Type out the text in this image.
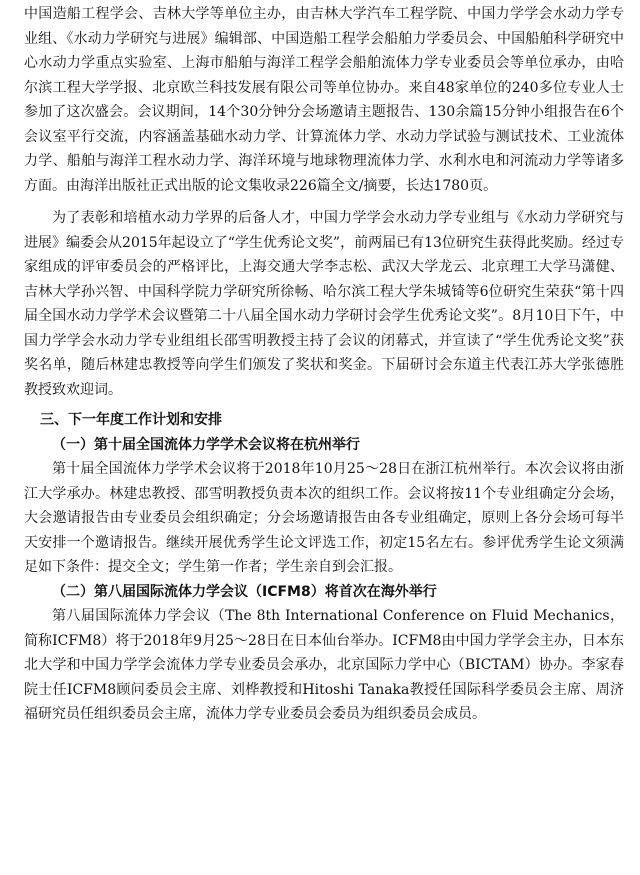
中国造船工程学会、吉林大学等单位主办，由吉林大学汽车工程学院、中国力学学会水动力学专业组、《水动力学研究与进展》编辑部、中国造船工程学会船舶力学委员会、中国船舶科学研究中心水动力学重点实验室、上海市船舶与海洋工程学会船舶流体力学专业委员会等单位承办，由哈尔滨工程大学学报、北京欧兰科技发展有限公司等单位协办。来自48家单位的240多位专业人士参加了这次盛会。会议期间，14个30分钟分会场邀请主题报告、130余篇15分钟小组报告在6个会议室平行交流，内容涵盖基础水动力学、计算流体力学、水动力学试验与测试技术、工业流体力学、船舶与海洋工程水动力学、海洋环境与地球物理流体力学、水利水电和河流动力学等诸多方面。由海洋出版社正式出版的论文集收录226篇全文/摘要，长达1780页。

为了表彰和培植水动力学界的后备人才，中国力学学会水动力学专业组与《水动力学研究与进展》编委会从2015年起设立了“学生优秀论文奖”，前两届已有13位研究生获得此奖励。经过专家组成的评审委员会的严格评比，上海交通大学李志松、武汉大学龙云、北京理工大学马潇健、吉林大学孙兴智、中国科学院力学研究所徐畅、哈尔滨工程大学朱城锜等6位研究生荣获“第十四届全国水动力学学术会议暨第二十八届全国水动力学研讨会学生优秀论文奖”。8月10日下午，中国力学学会水动力学专业组组长邵雪明教授主持了会议的闭幕式，并宣读了“学生优秀论文奖”获奖名单，随后林建忠教授等向学生们颁发了奖状和奖金。下届研讨会东道主代表江苏大学张德胜教授致欢迎词。

三、下一年度工作计划和安排
（一）第十届全国流体力学学术会议将在杭州举行

第十届全国流体力学学术会议将于2018年10月25～28日在浙江杭州举行。本次会议将由浙江大学承办。林建忠教授、邵雪明教授负责本次的组织工作。会议将按11个专业组确定分会场，大会邀请报告由专业委员会组织确定；分会场邀请报告由各专业组确定，原则上各分会场可每半天安排一个邀请报告。继续开展优秀学生论文评选工作，初定15名左右。参评优秀学生论文须满足如下条件：提交全文；学生第一作者；学生亲自到会汇报。

（二）第八届国际流体力学会议（ICFM8）将首次在海外举行

第八届国际流体力学会议（The 8th International Conference on Fluid Mechanics，简称ICFM8）将于2018年9月25～28日在日本仙台举办。ICFM8由中国力学学会主办，日本东北大学和中国力学学会流体力学专业委员会承办，北京国际力学中心（BICTAM）协办。李家春院士任ICFM8顾问委员会主席、刘桦教授和Hitoshi Tanaka教授任国际科学委员会主席、周济福研究员任组织委员会主席，流体力学专业委员会委员为组织委员会成员。
